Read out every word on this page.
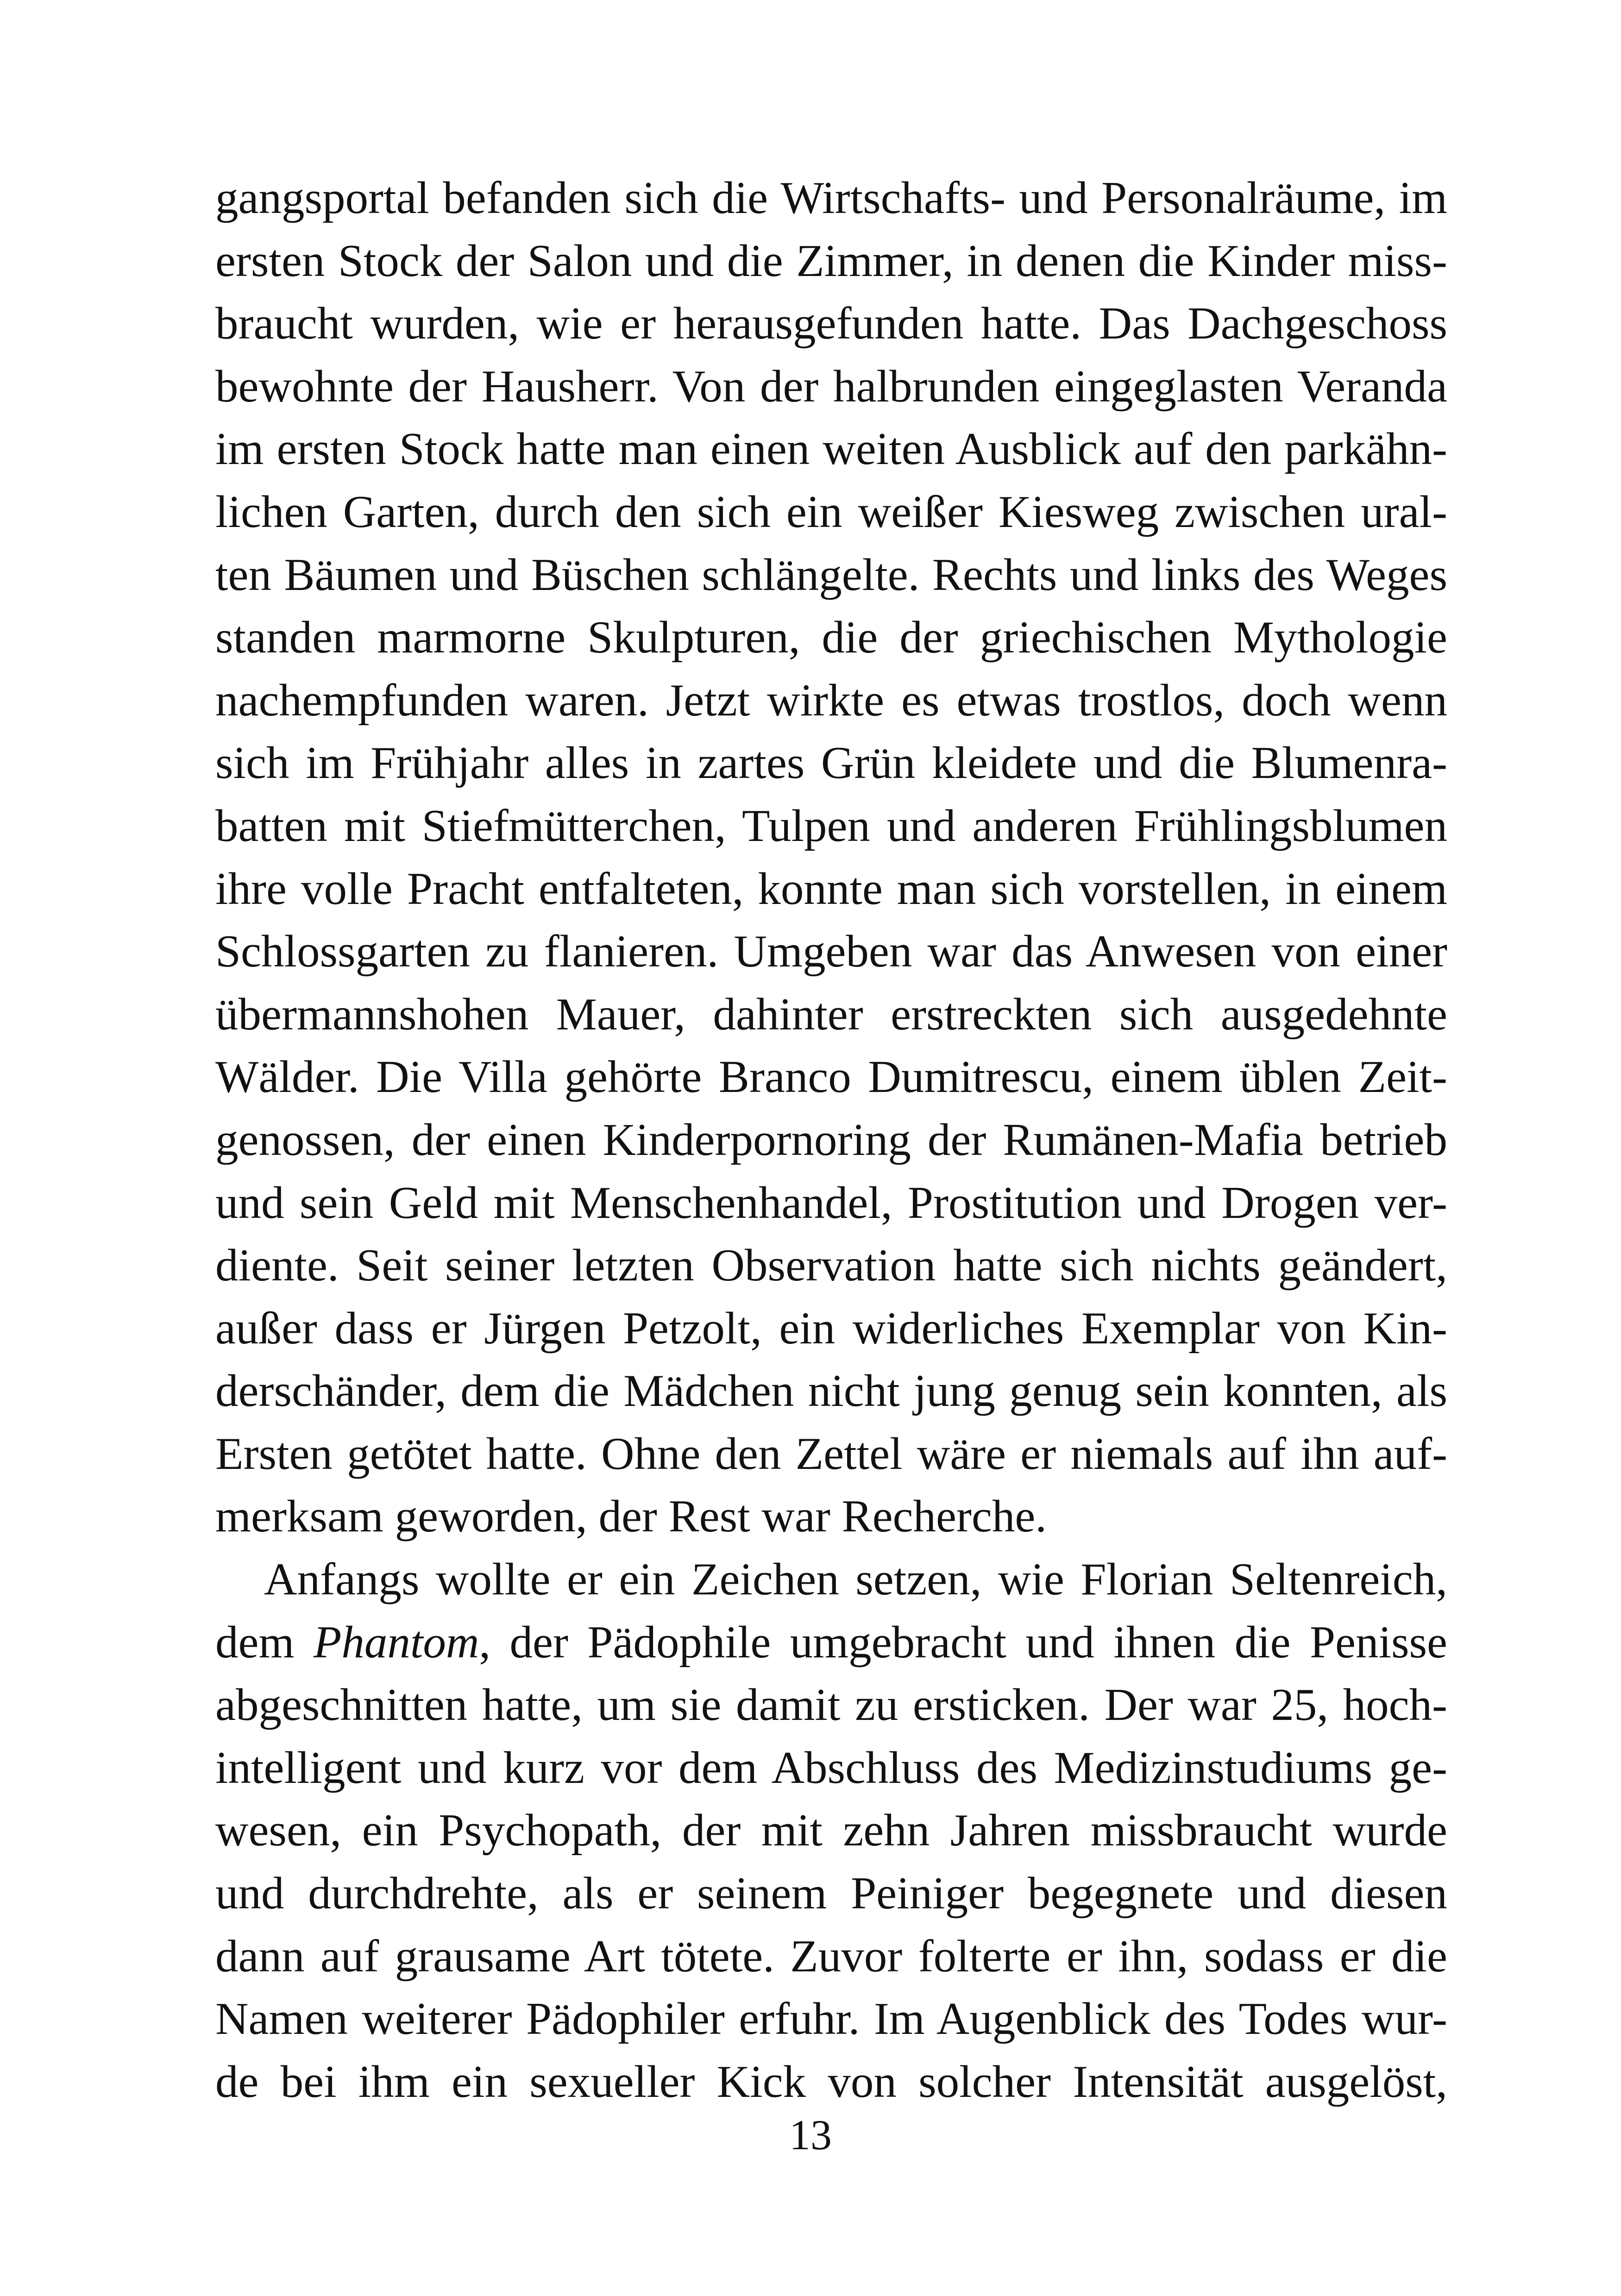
gangsportal befanden sich die Wirtschafts- und Personalräume, im
ersten Stock der Salon und die Zimmer, in denen die Kinder miss-
braucht wurden, wie er herausgefunden hatte. Das Dachgeschoss
bewohnte der Hausherr. Von der halbrunden eingeglasten Veranda
im ersten Stock hatte man einen weiten Ausblick auf den parkähn-
lichen Garten, durch den sich ein weißer Kiesweg zwischen ural-
ten Bäumen und Büschen schlängelte. Rechts und links des Weges
standen marmorne Skulpturen, die der griechischen Mythologie
nachempfunden waren. Jetzt wirkte es etwas trostlos, doch wenn
sich im Frühjahr alles in zartes Grün kleidete und die Blumenra-
batten mit Stiefmütterchen, Tulpen und anderen Frühlingsblumen
ihre volle Pracht entfalteten, konnte man sich vorstellen, in einem
Schlossgarten zu flanieren. Umgeben war das Anwesen von einer
übermannshohen Mauer, dahinter erstreckten sich ausgedehnte
Wälder. Die Villa gehörte Branco Dumitrescu, einem üblen Zeit-
genossen, der einen Kinderpornoring der Rumänen-Mafia betrieb
und sein Geld mit Menschenhandel, Prostitution und Drogen ver-
diente. Seit seiner letzten Observation hatte sich nichts geändert,
außer dass er Jürgen Petzolt, ein widerliches Exemplar von Kin-
derschänder, dem die Mädchen nicht jung genug sein konnten, als
Ersten getötet hatte. Ohne den Zettel wäre er niemals auf ihn auf-
merksam geworden, der Rest war Recherche.
Anfangs wollte er ein Zeichen setzen, wie Florian Seltenreich,
dem Phantom, der Pädophile umgebracht und ihnen die Penisse
abgeschnitten hatte, um sie damit zu ersticken. Der war 25, hoch-
intelligent und kurz vor dem Abschluss des Medizinstudiums ge-
wesen, ein Psychopath, der mit zehn Jahren missbraucht wurde
und durchdrehte, als er seinem Peiniger begegnete und diesen
dann auf grausame Art tötete. Zuvor folterte er ihn, sodass er die
Namen weiterer Pädophiler erfuhr. Im Augenblick des Todes wur-
de bei ihm ein sexueller Kick von solcher Intensität ausgelöst,
13
